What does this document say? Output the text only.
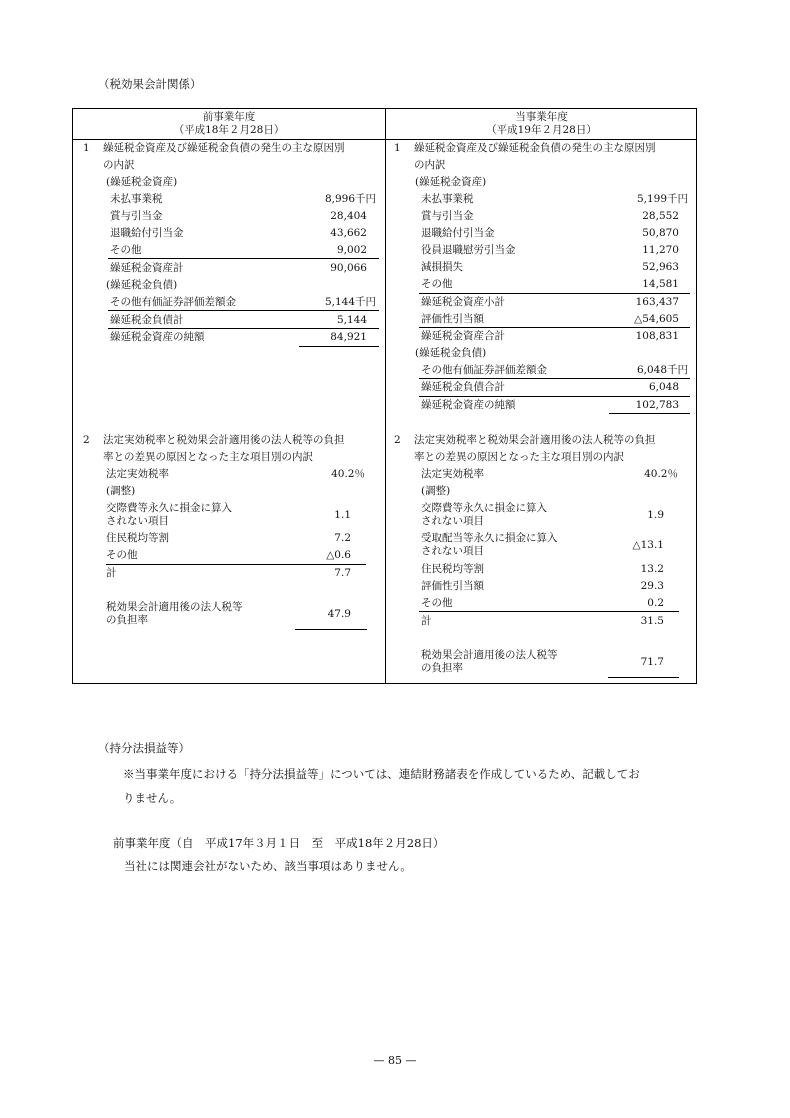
（税効果会計関係）
前事業年度
（平成18年２月28日）
当事業年度
（平成19年２月28日）
1 繰延税金資産及び繰延税金負債の発生の主な原因別
の内訳
(繰延税金資産)
未払事業税	8,996千円
賞与引当金	28,404
退職給付引当金	43,662
その他	9,002
繰延税金資産計	90,066
(繰延税金負債)
その他有価証券評価差額金	5,144千円
繰延税金負債計	5,144
繰延税金資産の純額	84,921
2 法定実効税率と税効果会計適用後の法人税等の負担
率との差異の原因となった主な項目別の内訳
法定実効税率	40.2％
(調整)
交際費等永久に損金に算入
されない項目	1.1
住民税均等割	7.2
その他	△0.6
計	7.7
税効果会計適用後の法人税等
の負担率	47.9
1 繰延税金資産及び繰延税金負債の発生の主な原因別
の内訳
(繰延税金資産)
未払事業税	5,199千円
賞与引当金	28,552
退職給付引当金	50,870
役員退職慰労引当金	11,270
減損損失	52,963
その他	14,581
繰延税金資産小計	163,437
評価性引当額	△54,605
繰延税金資産合計	108,831
(繰延税金負債)
その他有価証券評価差額金	6,048千円
繰延税金負債合計	6,048
繰延税金資産の純額	102,783
2 法定実効税率と税効果会計適用後の法人税等の負担
率との差異の原因となった主な項目別の内訳
法定実効税率	40.2％
(調整)
交際費等永久に損金に算入
されない項目	1.9
受取配当等永久に損金に算入
されない項目	△13.1
住民税均等割	13.2
評価性引当額	29.3
その他	0.2
計	31.5
税効果会計適用後の法人税等
の負担率	71.7
（持分法損益等）
※当事業年度における「持分法損益等」については、連結財務諸表を作成しているため、記載してお
りません。
前事業年度（自　平成17年３月１日　至　平成18年２月28日）
当社には関連会社がないため、該当事項はありません。
— 85 —
